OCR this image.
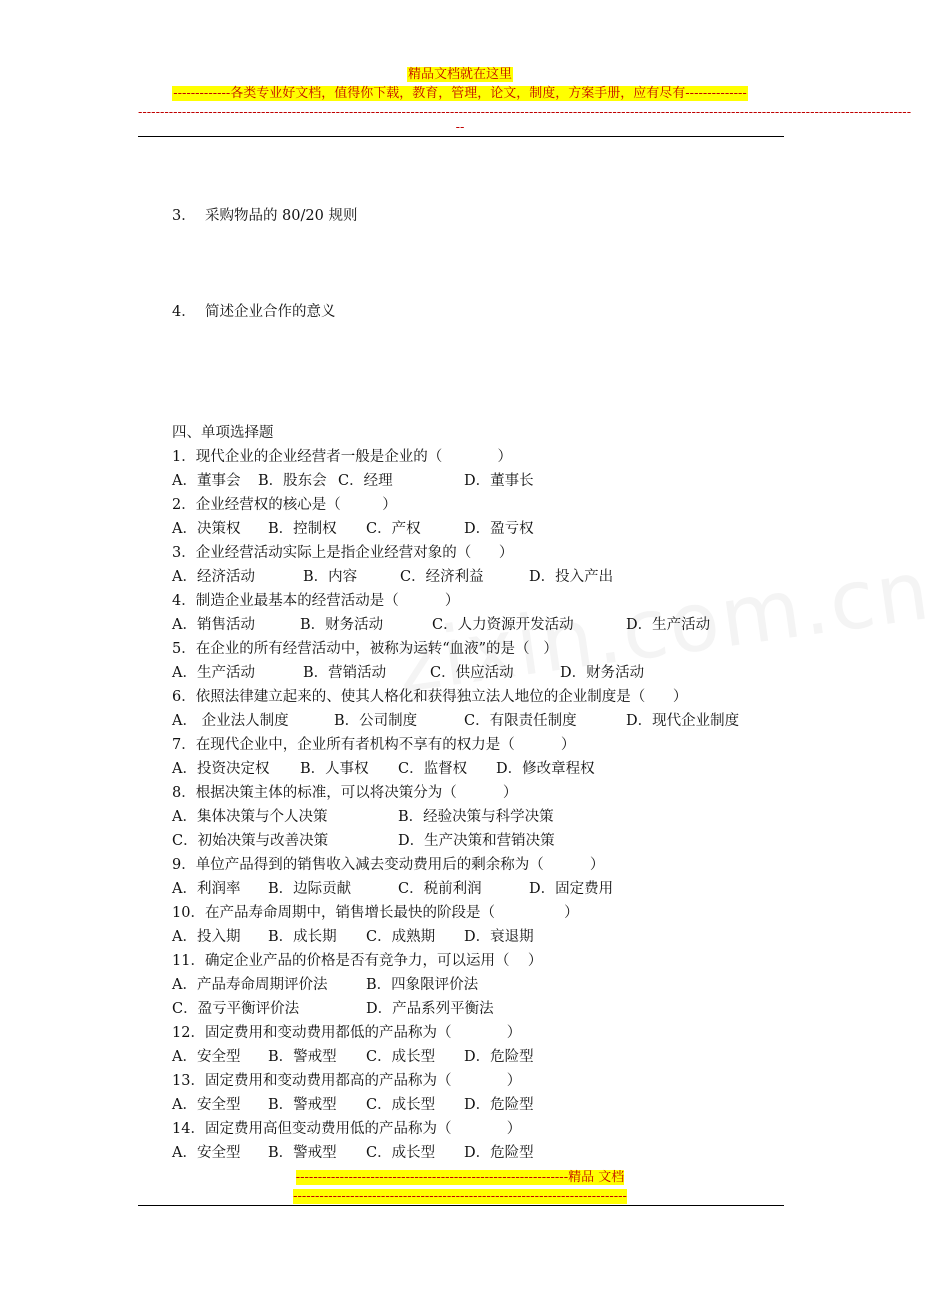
精品文档就在这里
-------------各类专业好文档，值得你下载，教育，管理，论文，制度，方案手册，应有尽有--------------
--------------------------------------------------------------------------------------------------------------------------------------------------------------------------------
--
3．  采购物品的 80/20 规则
4．  简述企业合作的意义
四、单项选择题
1．现代企业的企业经营者一般是企业的（            ）

A．董事会

B．股东会

C．经理

	D．董事长

2．企业经营权的核心是（         ）

A．决策权

B．控制权

C．产权

	D．盈亏权

3．企业经营活动实际上是指企业经营对象的（      ）

A．经济活动

	B．内容

	C．经济利益

	D．投入产出

4．制造企业最基本的经营活动是（          ）

A．销售活动

	B．财务活动

	C．人力资源开发活动

	D．生产活动

5．在企业的所有经营活动中，被称为运转“血液”的是（   ）

A．生产活动

	B．营销活动

	C．供应活动

	D．财务活动

6．依照法律建立起来的、使其人格化和获得独立法人地位的企业制度是（      ）

A． 企业法人制度

	B．公司制度

	C．有限责任制度

	D．现代企业制度

7．在现代企业中，企业所有者机构不享有的权力是（          ）

A．投资决定权

B．人事权

C．监督权

D．修改章程权

8．根据决策主体的标准，可以将决策分为（          ）

A．集体决策与个人决策

	B．经验决策与科学决策

C．初始决策与改善决策

	D．生产决策和营销决策

9．单位产品得到的销售收入减去变动费用后的剩余称为（          ）

A．利润率

B．边际贡献

	C．税前利润

	D．固定费用

10．在产品寿命周期中，销售增长最快的阶段是（               ）

A．投入期

B．成长期

C．成熟期

D．衰退期

11．确定企业产品的价格是否有竞争力，可以运用（    ）

A．产品寿命周期评价法

	B．四象限评价法

C．盈亏平衡评价法

	D．产品系列平衡法

12．固定费用和变动费用都低的产品称为（            ）

A．安全型

B．警戒型

C．成长型

D．危险型

13．固定费用和变动费用都高的产品称为（            ）

A．安全型

B．警戒型

C．成长型

D．危险型

14．固定费用高但变动费用低的产品称为（            ）

A．安全型

B．警戒型

C．成长型

D．危险型

--------------------------------------------------------------精品 文档
----------------------------------------------------------------------------
